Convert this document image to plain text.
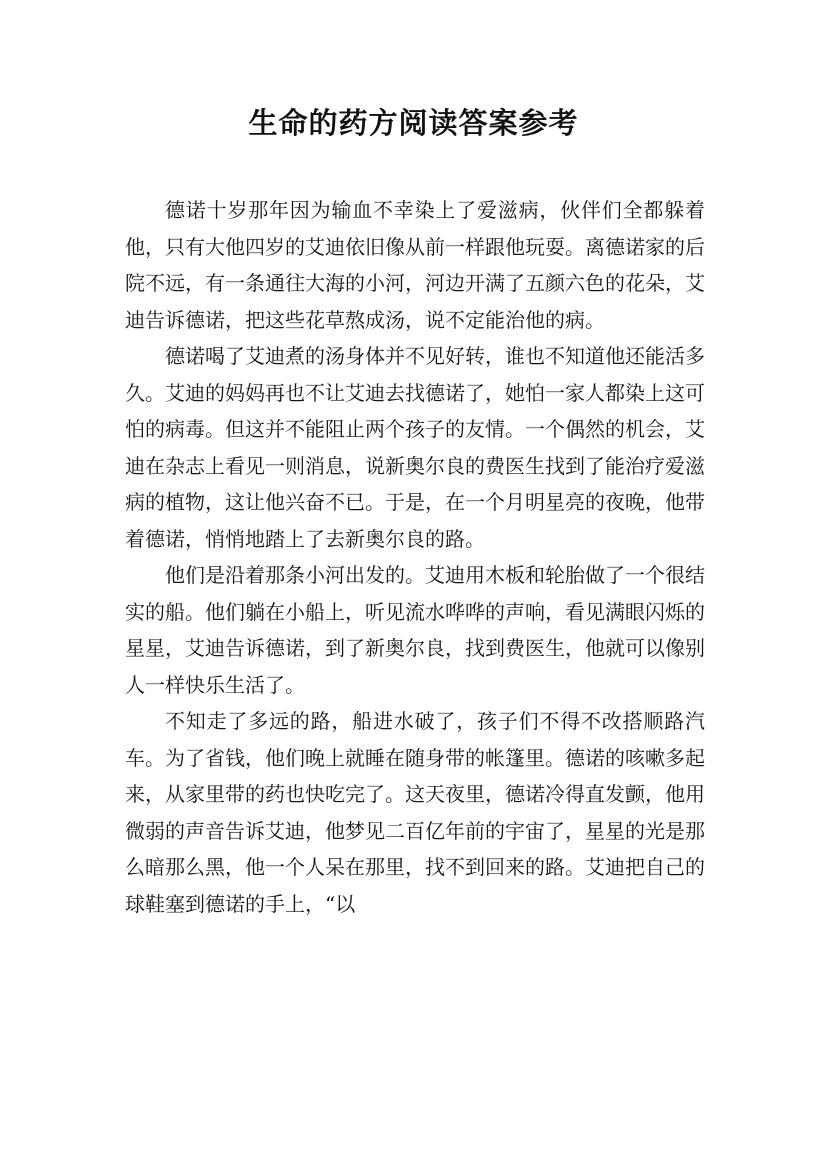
生命的药方阅读答案参考

德诺十岁那年因为输血不幸染上了爱滋病，伙伴们全都躲着他，只有大他四岁的艾迪依旧像从前一样跟他玩耍。离德诺家的后院不远，有一条通往大海的小河，河边开满了五颜六色的花朵，艾迪告诉德诺，把这些花草熬成汤，说不定能治他的病。

德诺喝了艾迪煮的汤身体并不见好转，谁也不知道他还能活多久。艾迪的妈妈再也不让艾迪去找德诺了，她怕一家人都染上这可怕的病毒。但这并不能阻止两个孩子的友情。一个偶然的机会，艾迪在杂志上看见一则消息，说新奥尔良的费医生找到了能治疗爱滋病的植物，这让他兴奋不已。于是，在一个月明星亮的夜晚，他带着德诺，悄悄地踏上了去新奥尔良的路。

他们是沿着那条小河出发的。艾迪用木板和轮胎做了一个很结实的船。他们躺在小船上，听见流水哗哗的声响，看见满眼闪烁的星星，艾迪告诉德诺，到了新奥尔良，找到费医生，他就可以像别人一样快乐生活了。

不知走了多远的路，船进水破了，孩子们不得不改搭顺路汽车。为了省钱，他们晚上就睡在随身带的帐篷里。德诺的咳嗽多起来，从家里带的药也快吃完了。这天夜里，德诺冷得直发颤，他用微弱的声音告诉艾迪，他梦见二百亿年前的宇宙了，星星的光是那么暗那么黑，他一个人呆在那里，找不到回来的路。艾迪把自己的球鞋塞到德诺的手上，“以
